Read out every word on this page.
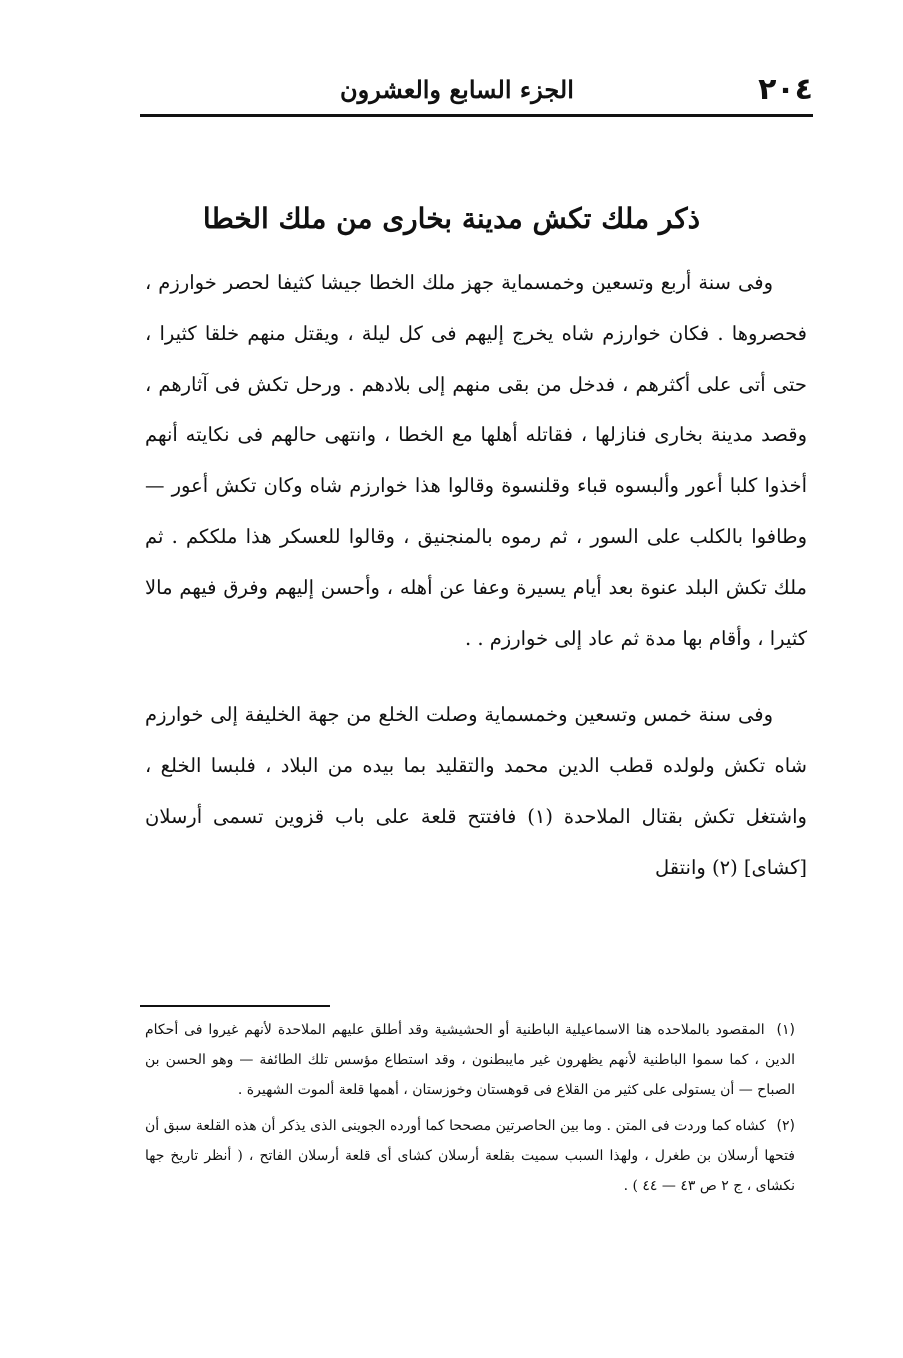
٢٠٤
الجزء السابع والعشرون
ذكر ملك تكش مدينة بخارى من ملك الخطا

وفى سنة أربع وتسعين وخمسماية جهز ملك الخطا جيشا كثيفا لحصر خوارزم ، فحصروها . فكان خوارزم شاه يخرج إليهم فى كل ليلة ، ويقتل منهم خلقا كثيرا ، حتى أتى على أكثرهم ، فدخل من بقى منهم إلى بلادهم . ورحل تكش فى آثارهم ، وقصد مدينة بخارى فنازلها ، فقاتله أهلها مع الخطا ، وانتهى حالهم فى نكايته أنهم أخذوا كلبا أعور وألبسوه قباء وقلنسوة وقالوا هذا خوارزم شاه وكان تكش أعور — وطافوا بالكلب على السور ، ثم رموه بالمنجنيق ، وقالوا للعسكر هذا ملككم . ثم ملك تكش البلد عنوة بعد أيام يسيرة وعفا عن أهله ، وأحسن إليهم وفرق فيهم مالا كثيرا ، وأقام بها مدة ثم عاد إلى خوارزم . .

وفى سنة خمس وتسعين وخمسماية وصلت الخلع من جهة الخليفة إلى خوارزم شاه تكش ولولده قطب الدين محمد والتقليد بما بيده من البلاد ، فلبسا الخلع ، واشتغل تكش بقتال الملاحدة (١) فافتتح قلعة على باب قزوين تسمى أرسلان [كشاى] (٢) وانتقل

(١) المقصود بالملاحده هنا الاسماعيلية الباطنية أو الحشيشية وقد أطلق عليهم الملاحدة لأنهم غيروا فى أحكام الدين ، كما سموا الباطنية لأنهم يظهرون غير مايبطنون ، وقد استطاع مؤسس تلك الطائفة — وهو الحسن بن الصباح — أن يستولى على كثير من القلاع فى قوهستان وخوزستان ، أهمها قلعة ألموت الشهيرة .

(٢) كشاه كما وردت فى المتن . وما بين الحاصرتين مصححا كما أورده الجوينى الذى يذكر أن هذه القلعة سبق أن فتحها أرسلان بن طغرل ، ولهذا السبب سميت بقلعة أرسلان كشاى أى قلعة أرسلان الفاتح ، ( أنظر تاريخ جها نكشاى ، ج ٢ ص ٤٣ — ٤٤ ) .
